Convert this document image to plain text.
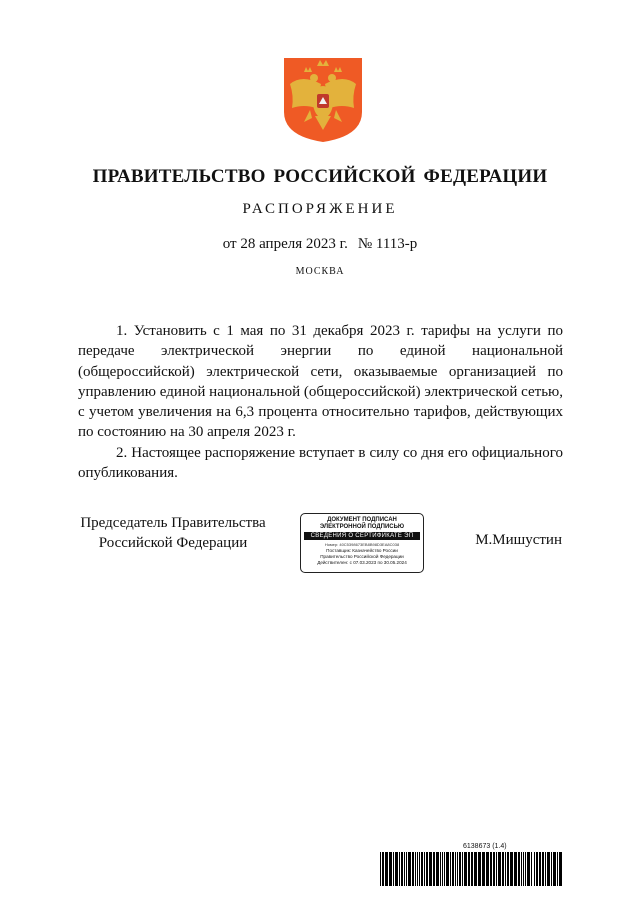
ПРАВИТЕЛЬСТВО РОССИЙСКОЙ ФЕДЕРАЦИИ
РАСПОРЯЖЕНИЕ
от 28 апреля 2023 г. № 1113-р
МОСКВА

1. Установить с 1 мая по 31 декабря 2023 г. тарифы на услуги по передаче электрической энергии по единой национальной (общероссийской) электрической сети, оказываемые организацией по управлению единой национальной (общероссийской) электрической сетью, с учетом увеличения на 6,3 процента относительно тарифов, действующих по состоянию на 30 апреля 2023 г.

2. Настоящее распоряжение вступает в силу со дня его официального опубликования.

Председатель Правительства
Российской Федерации
ДОКУМЕНТ ПОДПИСАН
ЭЛЕКТРОННОЙ ПОДПИСЬЮ
СВЕДЕНИЯ О СЕРТИФИКАТЕ ЭП
Номер: 40C5398673EB8B98D3EA8C038
Поставщик: Казначейство России
Правительство Российской Федерации
Действителен: с 07.03.2023 по 30.05.2024
М.Мишустин
6138673 (1.4)
